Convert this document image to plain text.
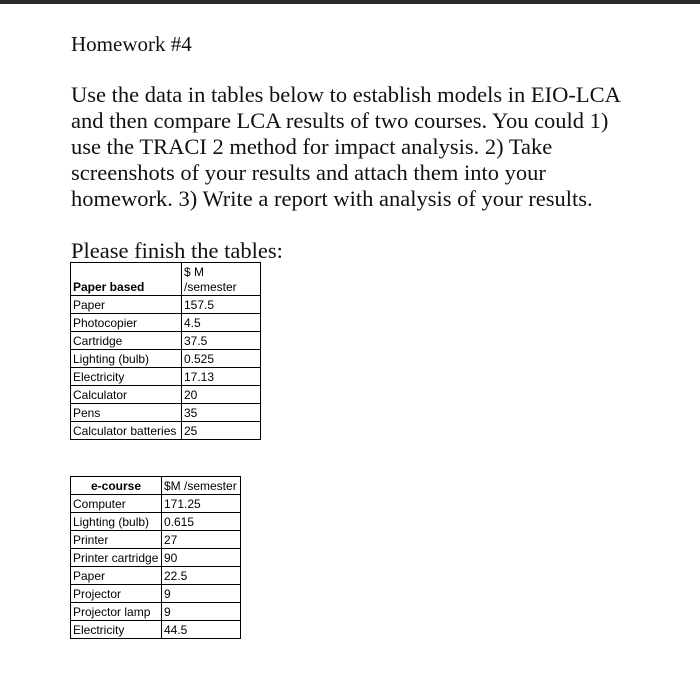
Homework #4
Use the data in tables below to establish models in EIO-LCA
and then compare LCA results of two courses. You could 1)
use the TRACI 2 method for impact analysis. 2) Take
screenshots of your results and attach them into your
homework. 3) Write a report with analysis of your results.
Please finish the tables:
Paper based	$ M
/semester

Paper	157.5
Photocopier	4.5
Cartridge	37.5
Lighting (bulb)	0.525
Electricity	17.13
Calculator	20
Pens	35
Calculator batteries	25
e-course	$M /semester
Computer	171.25
Lighting (bulb)	0.615
Printer	27
Printer cartridge	90
Paper	22.5
Projector	9
Projector lamp	9
Electricity	44.5
